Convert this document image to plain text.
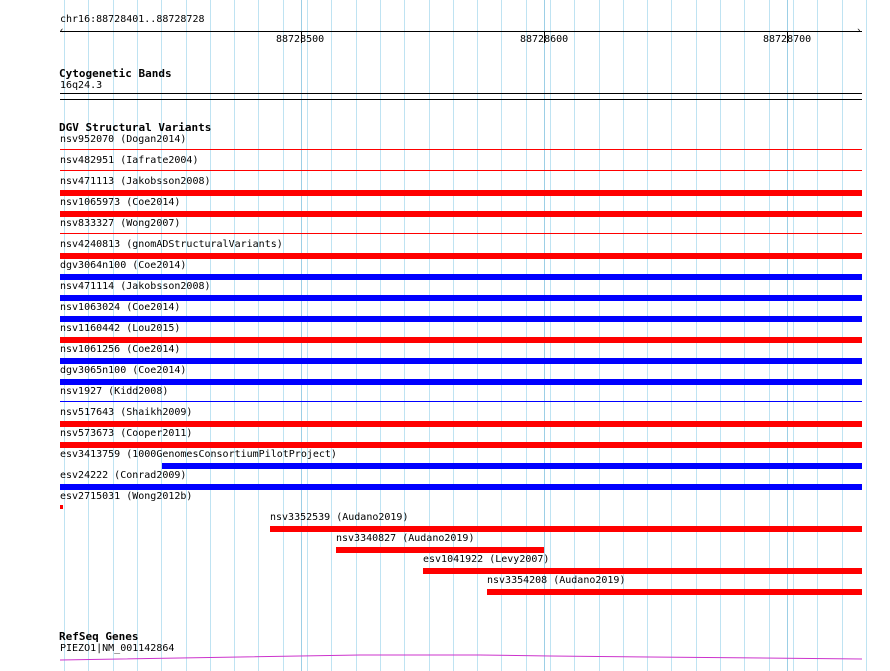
chr16:88728401..88728728
‹	›
88728500	88728600	88728700
Cytogenetic Bands
16q24.3
DGV Structural Variants
nsv952070 (Dogan2014)
nsv482951 (Iafrate2004)
nsv471113 (Jakobsson2008)
nsv1065973 (Coe2014)
nsv833327 (Wong2007)
nsv4240813 (gnomADStructuralVariants)
dgv3064n100 (Coe2014)
nsv471114 (Jakobsson2008)
nsv1063024 (Coe2014)
nsv1160442 (Lou2015)
nsv1061256 (Coe2014)
dgv3065n100 (Coe2014)
nsv1927 (Kidd2008)
nsv517643 (Shaikh2009)
nsv573673 (Cooper2011)
esv3413759 (1000GenomesConsortiumPilotProject)
esv24222 (Conrad2009)
esv2715031 (Wong2012b)
nsv3352539 (Audano2019)
nsv3340827 (Audano2019)
esv1041922 (Levy2007)
nsv3354208 (Audano2019)
RefSeq Genes
PIEZO1|NM_001142864
